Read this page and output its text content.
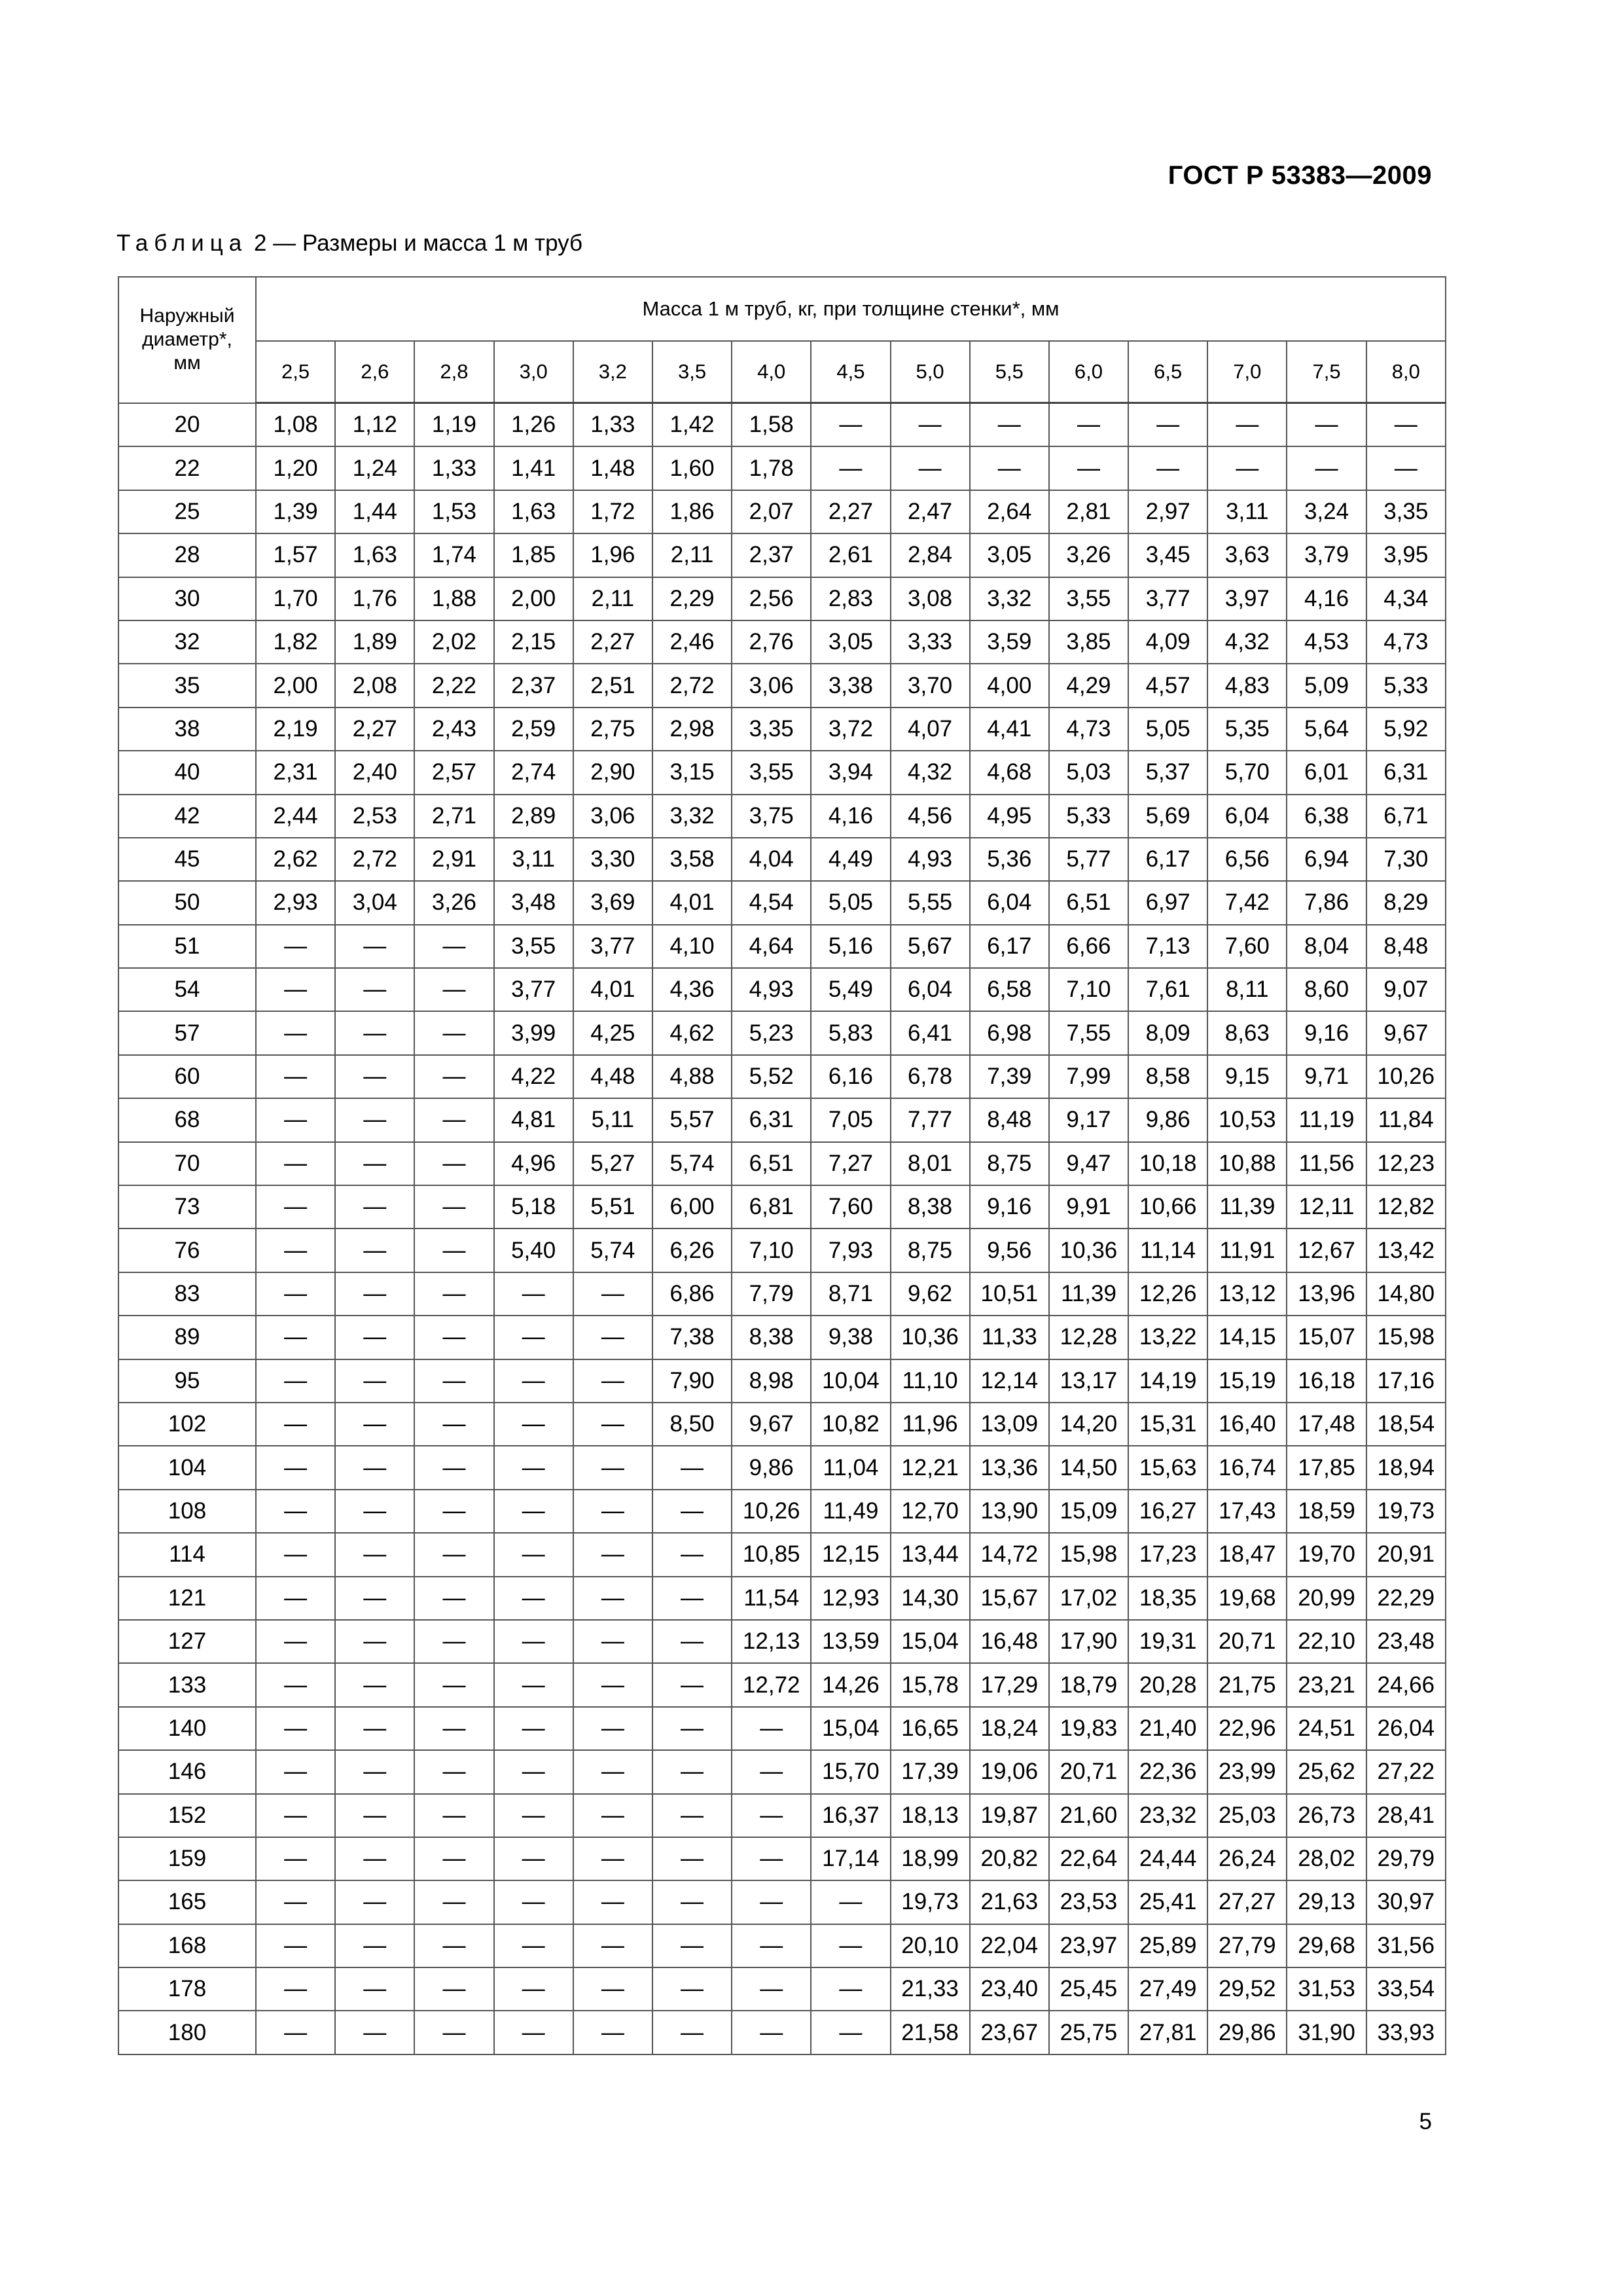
ГОСТ Р 53383—2009
Таблица 2 — Размеры и масса 1 м труб
Наружный
диаметр*,
мм	Масса 1 м труб, кг, при толщине стенки*, мм														
	2,5	2,6	2,8	3,0	3,2	3,5	4,0	4,5	5,0	5,5	6,0	6,5	7,0	7,5	8,0
20	1,08	1,12	1,19	1,26	1,33	1,42	1,58	—	—	—	—	—	—	—	—
22	1,20	1,24	1,33	1,41	1,48	1,60	1,78	—	—	—	—	—	—	—	—
25	1,39	1,44	1,53	1,63	1,72	1,86	2,07	2,27	2,47	2,64	2,81	2,97	3,11	3,24	3,35
28	1,57	1,63	1,74	1,85	1,96	2,11	2,37	2,61	2,84	3,05	3,26	3,45	3,63	3,79	3,95
30	1,70	1,76	1,88	2,00	2,11	2,29	2,56	2,83	3,08	3,32	3,55	3,77	3,97	4,16	4,34
32	1,82	1,89	2,02	2,15	2,27	2,46	2,76	3,05	3,33	3,59	3,85	4,09	4,32	4,53	4,73
35	2,00	2,08	2,22	2,37	2,51	2,72	3,06	3,38	3,70	4,00	4,29	4,57	4,83	5,09	5,33
38	2,19	2,27	2,43	2,59	2,75	2,98	3,35	3,72	4,07	4,41	4,73	5,05	5,35	5,64	5,92
40	2,31	2,40	2,57	2,74	2,90	3,15	3,55	3,94	4,32	4,68	5,03	5,37	5,70	6,01	6,31
42	2,44	2,53	2,71	2,89	3,06	3,32	3,75	4,16	4,56	4,95	5,33	5,69	6,04	6,38	6,71
45	2,62	2,72	2,91	3,11	3,30	3,58	4,04	4,49	4,93	5,36	5,77	6,17	6,56	6,94	7,30
50	2,93	3,04	3,26	3,48	3,69	4,01	4,54	5,05	5,55	6,04	6,51	6,97	7,42	7,86	8,29
51	—	—	—	3,55	3,77	4,10	4,64	5,16	5,67	6,17	6,66	7,13	7,60	8,04	8,48
54	—	—	—	3,77	4,01	4,36	4,93	5,49	6,04	6,58	7,10	7,61	8,11	8,60	9,07
57	—	—	—	3,99	4,25	4,62	5,23	5,83	6,41	6,98	7,55	8,09	8,63	9,16	9,67
60	—	—	—	4,22	4,48	4,88	5,52	6,16	6,78	7,39	7,99	8,58	9,15	9,71	10,26
68	—	—	—	4,81	5,11	5,57	6,31	7,05	7,77	8,48	9,17	9,86	10,53	11,19	11,84
70	—	—	—	4,96	5,27	5,74	6,51	7,27	8,01	8,75	9,47	10,18	10,88	11,56	12,23
73	—	—	—	5,18	5,51	6,00	6,81	7,60	8,38	9,16	9,91	10,66	11,39	12,11	12,82
76	—	—	—	5,40	5,74	6,26	7,10	7,93	8,75	9,56	10,36	11,14	11,91	12,67	13,42
83	—	—	—	—	—	6,86	7,79	8,71	9,62	10,51	11,39	12,26	13,12	13,96	14,80
89	—	—	—	—	—	7,38	8,38	9,38	10,36	11,33	12,28	13,22	14,15	15,07	15,98
95	—	—	—	—	—	7,90	8,98	10,04	11,10	12,14	13,17	14,19	15,19	16,18	17,16
102	—	—	—	—	—	8,50	9,67	10,82	11,96	13,09	14,20	15,31	16,40	17,48	18,54
104	—	—	—	—	—	—	9,86	11,04	12,21	13,36	14,50	15,63	16,74	17,85	18,94
108	—	—	—	—	—	—	10,26	11,49	12,70	13,90	15,09	16,27	17,43	18,59	19,73
114	—	—	—	—	—	—	10,85	12,15	13,44	14,72	15,98	17,23	18,47	19,70	20,91
121	—	—	—	—	—	—	11,54	12,93	14,30	15,67	17,02	18,35	19,68	20,99	22,29
127	—	—	—	—	—	—	12,13	13,59	15,04	16,48	17,90	19,31	20,71	22,10	23,48
133	—	—	—	—	—	—	12,72	14,26	15,78	17,29	18,79	20,28	21,75	23,21	24,66
140	—	—	—	—	—	—	—	15,04	16,65	18,24	19,83	21,40	22,96	24,51	26,04
146	—	—	—	—	—	—	—	15,70	17,39	19,06	20,71	22,36	23,99	25,62	27,22
152	—	—	—	—	—	—	—	16,37	18,13	19,87	21,60	23,32	25,03	26,73	28,41
159	—	—	—	—	—	—	—	17,14	18,99	20,82	22,64	24,44	26,24	28,02	29,79
165	—	—	—	—	—	—	—	—	19,73	21,63	23,53	25,41	27,27	29,13	30,97
168	—	—	—	—	—	—	—	—	20,10	22,04	23,97	25,89	27,79	29,68	31,56
178	—	—	—	—	—	—	—	—	21,33	23,40	25,45	27,49	29,52	31,53	33,54
180	—	—	—	—	—	—	—	—	21,58	23,67	25,75	27,81	29,86	31,90	33,93
5
